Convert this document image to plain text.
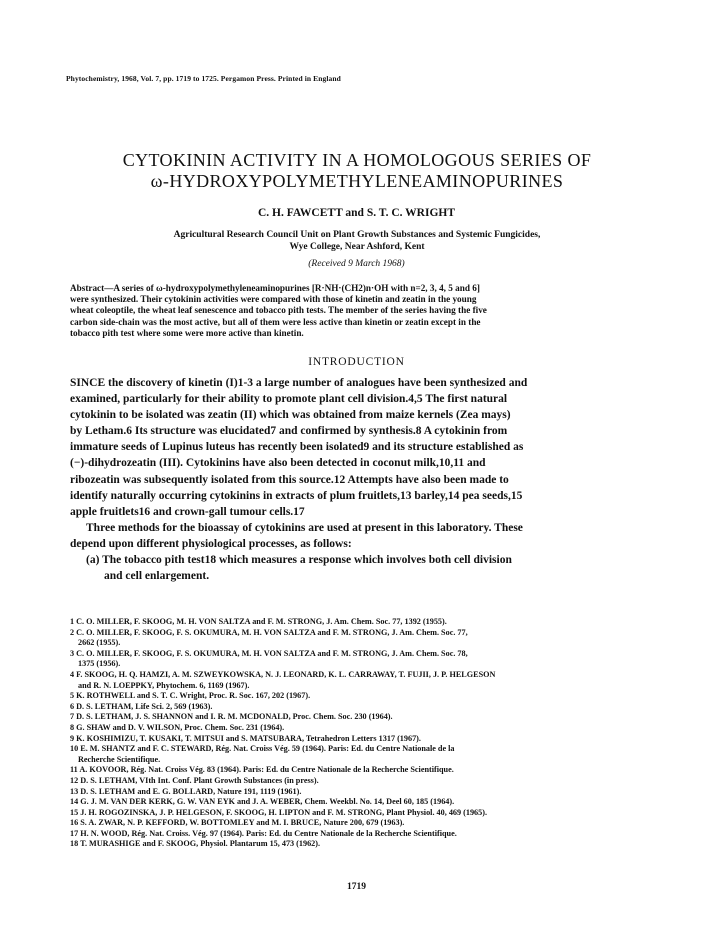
Phytochemistry, 1968, Vol. 7, pp. 1719 to 1725. Pergamon Press. Printed in England
CYTOKININ ACTIVITY IN A HOMOLOGOUS SERIES OF
ω-HYDROXYPOLYMETHYLENEAMINOPURINES
C. H. FAWCETT and S. T. C. WRIGHT
Agricultural Research Council Unit on Plant Growth Substances and Systemic Fungicides,
Wye College, Near Ashford, Kent
(Received 9 March 1968)
Abstract—A series of ω-hydroxypolymethyleneaminopurines [R·NH·(CH2)n·OH with n=2, 3, 4, 5 and 6]
were synthesized. Their cytokinin activities were compared with those of kinetin and zeatin in the young
wheat coleoptile, the wheat leaf senescence and tobacco pith tests. The member of the series having the five
carbon side-chain was the most active, but all of them were less active than kinetin or zeatin except in the
tobacco pith test where some were more active than kinetin.
INTRODUCTION
SINCE the discovery of kinetin (I)1-3 a large number of analogues have been synthesized and
examined, particularly for their ability to promote plant cell division.4,5 The first natural
cytokinin to be isolated was zeatin (II) which was obtained from maize kernels (Zea mays)
by Letham.6 Its structure was elucidated7 and confirmed by synthesis.8 A cytokinin from
immature seeds of Lupinus luteus has recently been isolated9 and its structure established as
(−)-dihydrozeatin (III). Cytokinins have also been detected in coconut milk,10,11 and
ribozeatin was subsequently isolated from this source.12 Attempts have also been made to
identify naturally occurring cytokinins in extracts of plum fruitlets,13 barley,14 pea seeds,15
apple fruitlets16 and crown-gall tumour cells.17
Three methods for the bioassay of cytokinins are used at present in this laboratory. These
depend upon different physiological processes, as follows:
(a) The tobacco pith test18 which measures a response which involves both cell division
and cell enlargement.
1 C. O. MILLER, F. SKOOG, M. H. VON SALTZA and F. M. STRONG, J. Am. Chem. Soc. 77, 1392 (1955).
2 C. O. MILLER, F. SKOOG, F. S. OKUMURA, M. H. VON SALTZA and F. M. STRONG, J. Am. Chem. Soc. 77,
2662 (1955).
3 C. O. MILLER, F. SKOOG, F. S. OKUMURA, M. H. VON SALTZA and F. M. STRONG, J. Am. Chem. Soc. 78,
1375 (1956).
4 F. SKOOG, H. Q. HAMZI, A. M. SZWEYKOWSKA, N. J. LEONARD, K. L. CARRAWAY, T. FUJII, J. P. HELGESON
and R. N. LOEPPKY, Phytochem. 6, 1169 (1967).
5 K. ROTHWELL and S. T. C. Wright, Proc. R. Soc. 167, 202 (1967).
6 D. S. LETHAM, Life Sci. 2, 569 (1963).
7 D. S. LETHAM, J. S. SHANNON and I. R. M. MCDONALD, Proc. Chem. Soc. 230 (1964).
8 G. SHAW and D. V. WILSON, Proc. Chem. Soc. 231 (1964).
9 K. KOSHIMIZU, T. KUSAKI, T. MITSUI and S. MATSUBARA, Tetrahedron Letters 1317 (1967).
10 E. M. SHANTZ and F. C. STEWARD, Rég. Nat. Croiss Vég. 59 (1964). Paris: Ed. du Centre Nationale de la
Recherche Scientifique.
11 A. KOVOOR, Rég. Nat. Croiss Vég. 83 (1964). Paris: Ed. du Centre Nationale de la Recherche Scientifique.
12 D. S. LETHAM, VIth Int. Conf. Plant Growth Substances (in press).
13 D. S. LETHAM and E. G. BOLLARD, Nature 191, 1119 (1961).
14 G. J. M. VAN DER KERK, G. W. VAN EYK and J. A. WEBER, Chem. Weekbl. No. 14, Deel 60, 185 (1964).
15 J. H. ROGOZINSKA, J. P. HELGESON, F. SKOOG, H. LIPTON and F. M. STRONG, Plant Physiol. 40, 469 (1965).
16 S. A. ZWAR, N. P. KEFFORD, W. BOTTOMLEY and M. I. BRUCE, Nature 200, 679 (1963).
17 H. N. WOOD, Rég. Nat. Croiss. Vég. 97 (1964). Paris: Ed. du Centre Nationale de la Recherche Scientifique.
18 T. MURASHIGE and F. SKOOG, Physiol. Plantarum 15, 473 (1962).
1719
